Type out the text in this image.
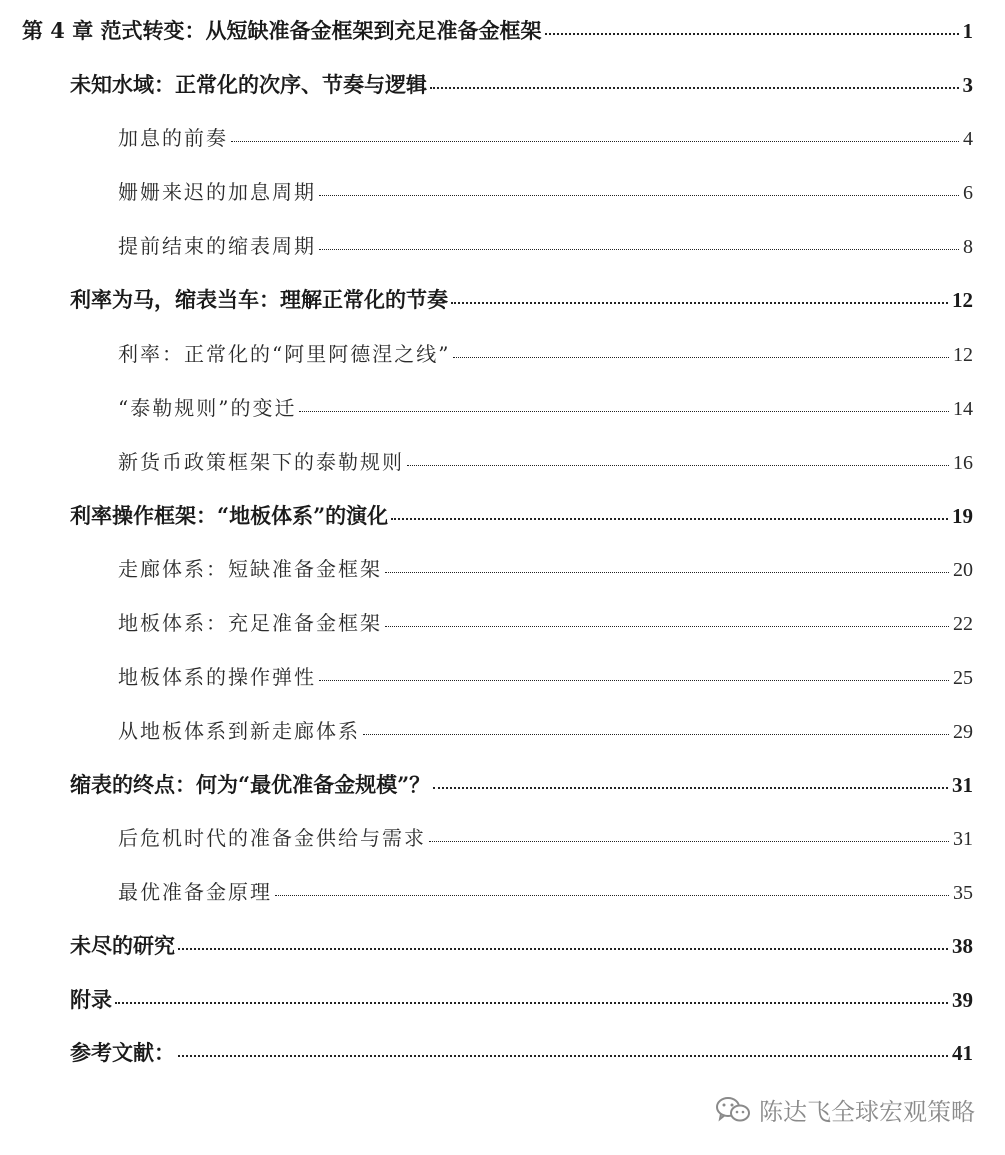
第 4 章 范式转变：从短缺准备金框架到充足准备金框架	1
未知水域：正常化的次序、节奏与逻辑	3
加息的前奏	4
姗姗来迟的加息周期	6
提前结束的缩表周期	8
利率为马，缩表当车：理解正常化的节奏	12
利率：正常化的“阿里阿德涅之线”	12
“泰勒规则”的变迁	14
新货币政策框架下的泰勒规则	16
利率操作框架：“地板体系”的演化	19
走廊体系：短缺准备金框架	20
地板体系：充足准备金框架	22
地板体系的操作弹性	25
从地板体系到新走廊体系	29
缩表的终点：何为“最优准备金规模”？	31
后危机时代的准备金供给与需求	31
最优准备金原理	35
未尽的研究	38
附录	39
参考文献：	41
陈达飞全球宏观策略
